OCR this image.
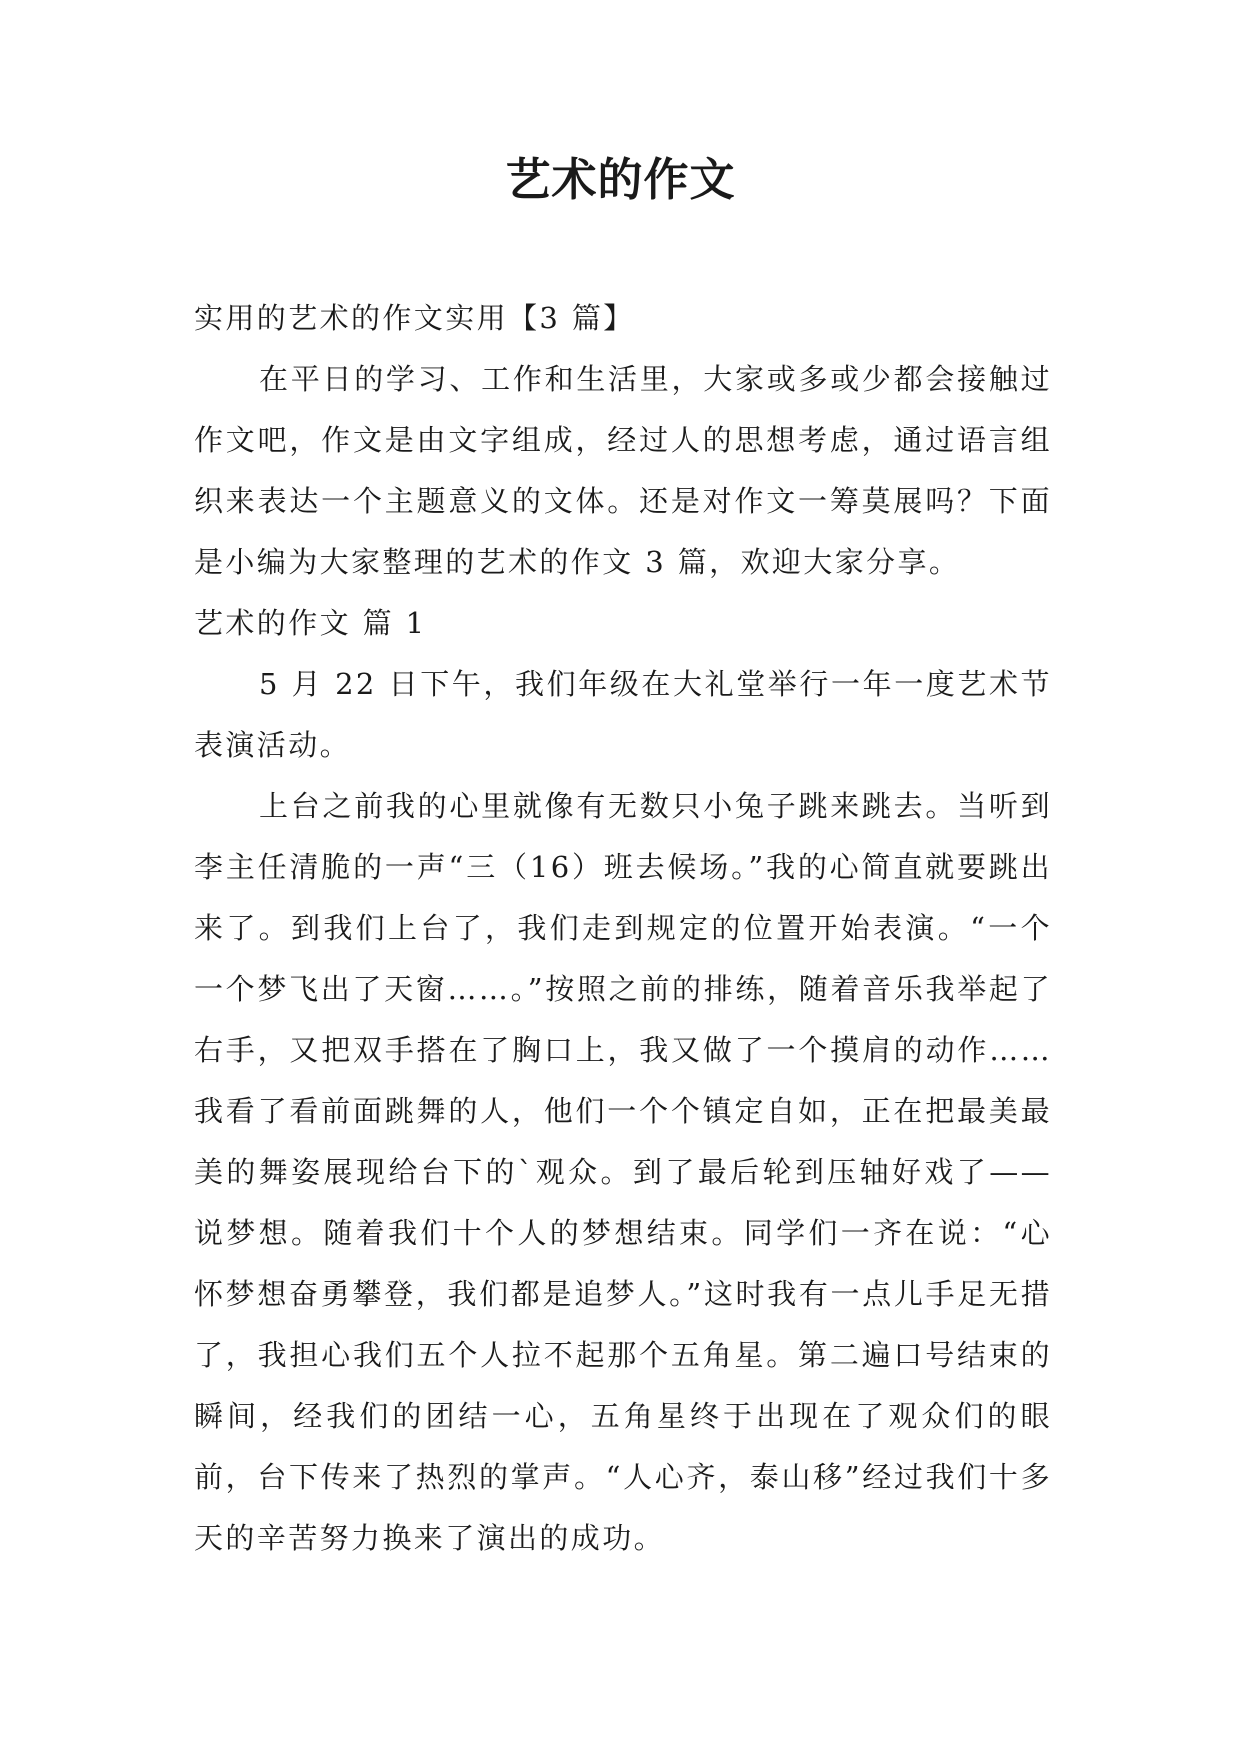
艺术的作文

实用的艺术的作文实用【3 篇】

在平日的学习、工作和生活里，大家或多或少都会接触过作文吧，作文是由文字组成，经过人的思想考虑，通过语言组织来表达一个主题意义的文体。还是对作文一筹莫展吗？下面是小编为大家整理的艺术的作文 3 篇，欢迎大家分享。

艺术的作文 篇 1

5 月 22 日下午，我们年级在大礼堂举行一年一度艺术节表演活动。

上台之前我的心里就像有无数只小兔子跳来跳去。当听到李主任清脆的一声“三（16）班去候场。”我的心简直就要跳出来了。到我们上台了，我们走到规定的位置开始表演。“一个一个梦飞出了天窗……。”按照之前的排练，随着音乐我举起了右手，又把双手搭在了胸口上，我又做了一个摸肩的动作……我看了看前面跳舞的人，他们一个个镇定自如，正在把最美最美的舞姿展现给台下的`观众。到了最后轮到压轴好戏了——说梦想。随着我们十个人的梦想结束。同学们一齐在说：“心怀梦想奋勇攀登，我们都是追梦人。”这时我有一点儿手足无措了，我担心我们五个人拉不起那个五角星。第二遍口号结束的瞬间，经我们的团结一心，五角星终于出现在了观众们的眼前，台下传来了热烈的掌声。“人心齐，泰山移”经过我们十多天的辛苦努力换来了演出的成功。
